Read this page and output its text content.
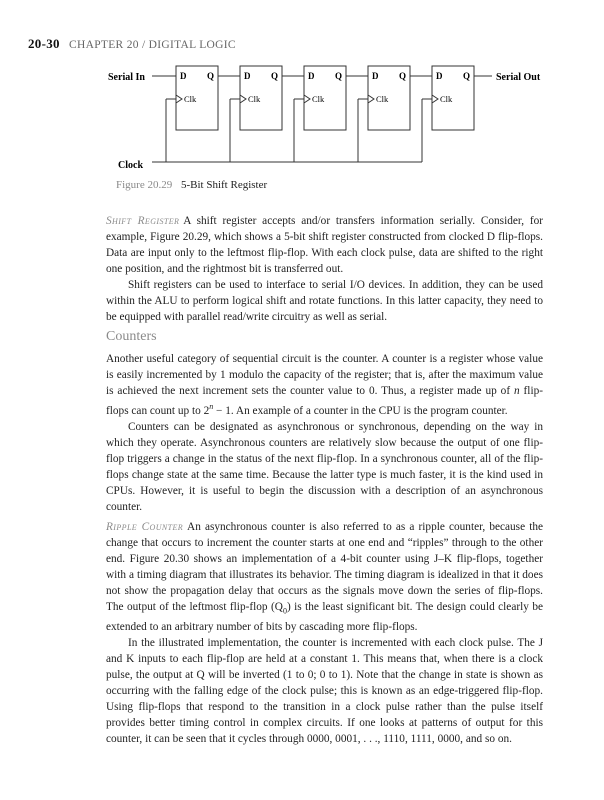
20-30 CHAPTER 20 / DIGITAL LOGIC
Serial In	Serial Out
Clock
D Q
Clk
D Q
Clk
D Q
Clk
D Q
Clk
D Q
Clk
Figure 20.29 5-Bit Shift Register

Shift Register A shift register accepts and/or transfers information serially. Consider, for example, Figure 20.29, which shows a 5-bit shift register constructed from clocked D flip-flops. Data are input only to the leftmost flip-flop. With each clock pulse, data are shifted to the right one position, and the rightmost bit is transferred out.

Shift registers can be used to interface to serial I/O devices. In addition, they can be used within the ALU to perform logical shift and rotate functions. In this latter capacity, they need to be equipped with parallel read/write circuitry as well as serial.

Counters

Another useful category of sequential circuit is the counter. A counter is a register whose value is easily incremented by 1 modulo the capacity of the register; that is, after the maximum value is achieved the next increment sets the counter value to 0. Thus, a register made up of n flip-flops can count up to $2^n - 1$. An example of a counter in the CPU is the program counter.

Counters can be designated as asynchronous or synchronous, depending on the way in which they operate. Asynchronous counters are relatively slow because the output of one flip-flop triggers a change in the status of the next flip-flop. In a synchronous counter, all of the flip-flops change state at the same time. Because the latter type is much faster, it is the kind used in CPUs. However, it is useful to begin the discussion with a description of an asynchronous counter.

Ripple Counter An asynchronous counter is also referred to as a ripple counter, because the change that occurs to increment the counter starts at one end and “ripples” through to the other end. Figure 20.30 shows an implementation of a 4-bit counter using J–K flip-flops, together with a timing diagram that illustrates its behavior. The timing diagram is idealized in that it does not show the propagation delay that occurs as the signals move down the series of flip-flops. The output of the leftmost flip-flop $(Q_0)$ is the least significant bit. The design could clearly be extended to an arbitrary number of bits by cascading more flip-flops.

In the illustrated implementation, the counter is incremented with each clock pulse. The J and K inputs to each flip-flop are held at a constant 1. This means that, when there is a clock pulse, the output at Q will be inverted (1 to 0; 0 to 1). Note that the change in state is shown as occurring with the falling edge of the clock pulse; this is known as an edge-triggered flip-flop. Using flip-flops that respond to the transition in a clock pulse rather than the pulse itself provides better timing control in complex circuits. If one looks at patterns of output for this counter, it can be seen that it cycles through 0000, 0001, . . ., 1110, 1111, 0000, and so on.
